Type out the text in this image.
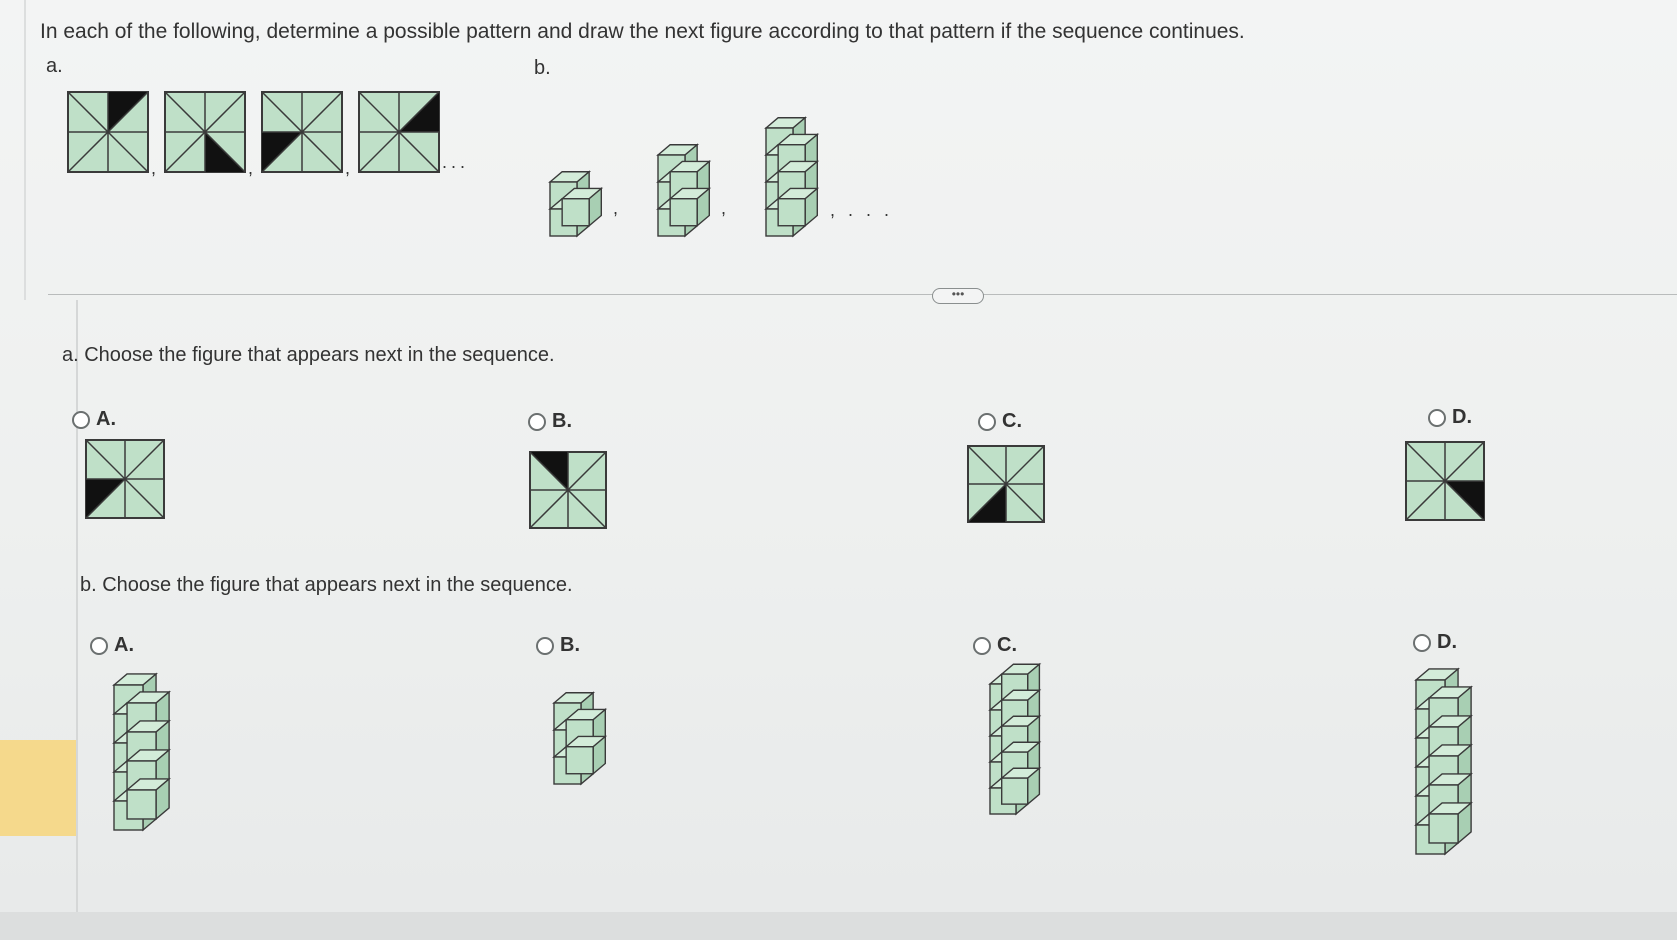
In each of the following, determine a possible pattern and draw the next figure according to that pattern if the sequence continues.
a.	b.
,	,	,	...
,	,	, . . .
•••
a. Choose the figure that appears next in the sequence.
A.	B.	C.	D.
b. Choose the figure that appears next in the sequence.
A.	B.	C.	D.
